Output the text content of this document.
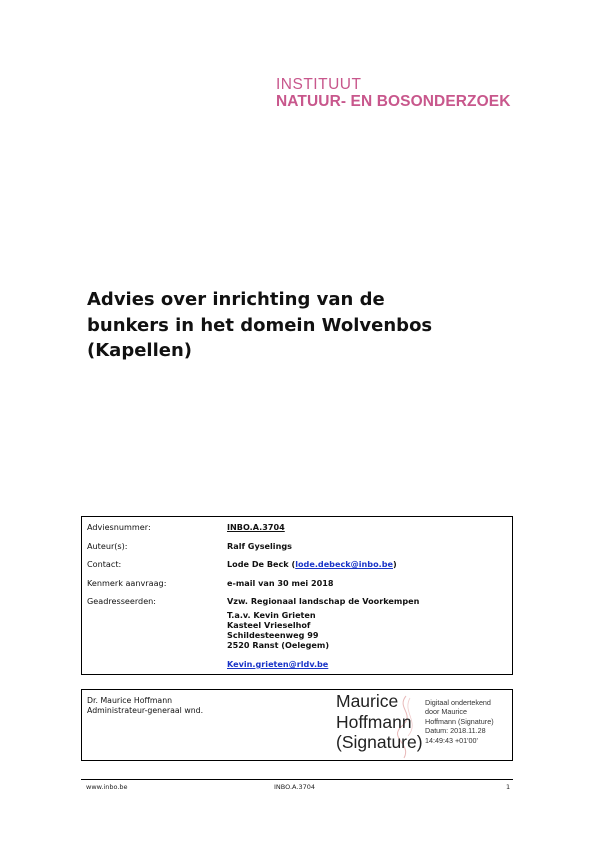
INSTITUUT
NATUUR- EN BOSONDERZOEK
Advies over inrichting van de
bunkers in het domein Wolvenbos
(Kapellen)
Adviesnummer:	INBO.A.3704
Auteur(s):	Ralf Gyselings
Contact:	Lode De Beck (lode.debeck@inbo.be)
Kenmerk aanvraag:	e-mail van 30 mei 2018
Geadresseerden:	Vzw. Regionaal landschap de Voorkempen
T.a.v. Kevin Grieten
Kasteel Vrieselhof
Schildesteenweg 99
2520 Ranst (Oelegem)
Kevin.grieten@rldv.be
Dr. Maurice Hoffmann
Administrateur-generaal wnd.	Maurice
Hoffmann
(Signature)
Digitaal ondertekend
door Maurice
Hoffmann (Signature)
Datum: 2018.11.28
14:49:43 +01'00'
www.inbo.be	INBO.A.3704	1
